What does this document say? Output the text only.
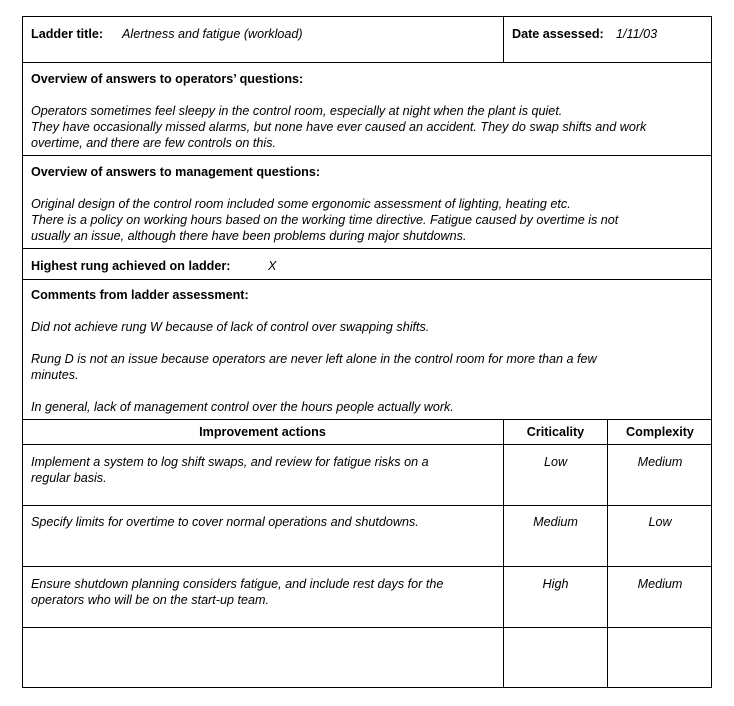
Ladder title: Alertness and fatigue (workload)	Date assessed: 1/11/03
Overview of answers to operators’ questions:
Operators sometimes feel sleepy in the control room, especially at night when the plant is quiet.
They have occasionally missed alarms, but none have ever caused an accident. They do swap shifts and work
overtime, and there are few controls on this.
Overview of answers to management questions:
Original design of the control room included some ergonomic assessment of lighting, heating etc.
There is a policy on working hours based on the working time directive. Fatigue caused by overtime is not
usually an issue, although there have been problems during major shutdowns.
Highest rung achieved on ladder:	X
Comments from ladder assessment:
Did not achieve rung W because of lack of control over swapping shifts.
Rung D is not an issue because operators are never left alone in the control room for more than a few
minutes.
In general, lack of management control over the hours people actually work.
Improvement actions	Criticality	Complexity
Implement a system to log shift swaps, and review for fatigue risks on a
regular basis.
Low	Medium
Specify limits for overtime to cover normal operations and shutdowns.	Medium	Low
Ensure shutdown planning considers fatigue, and include rest days for the
operators who will be on the start-up team.
High	Medium
